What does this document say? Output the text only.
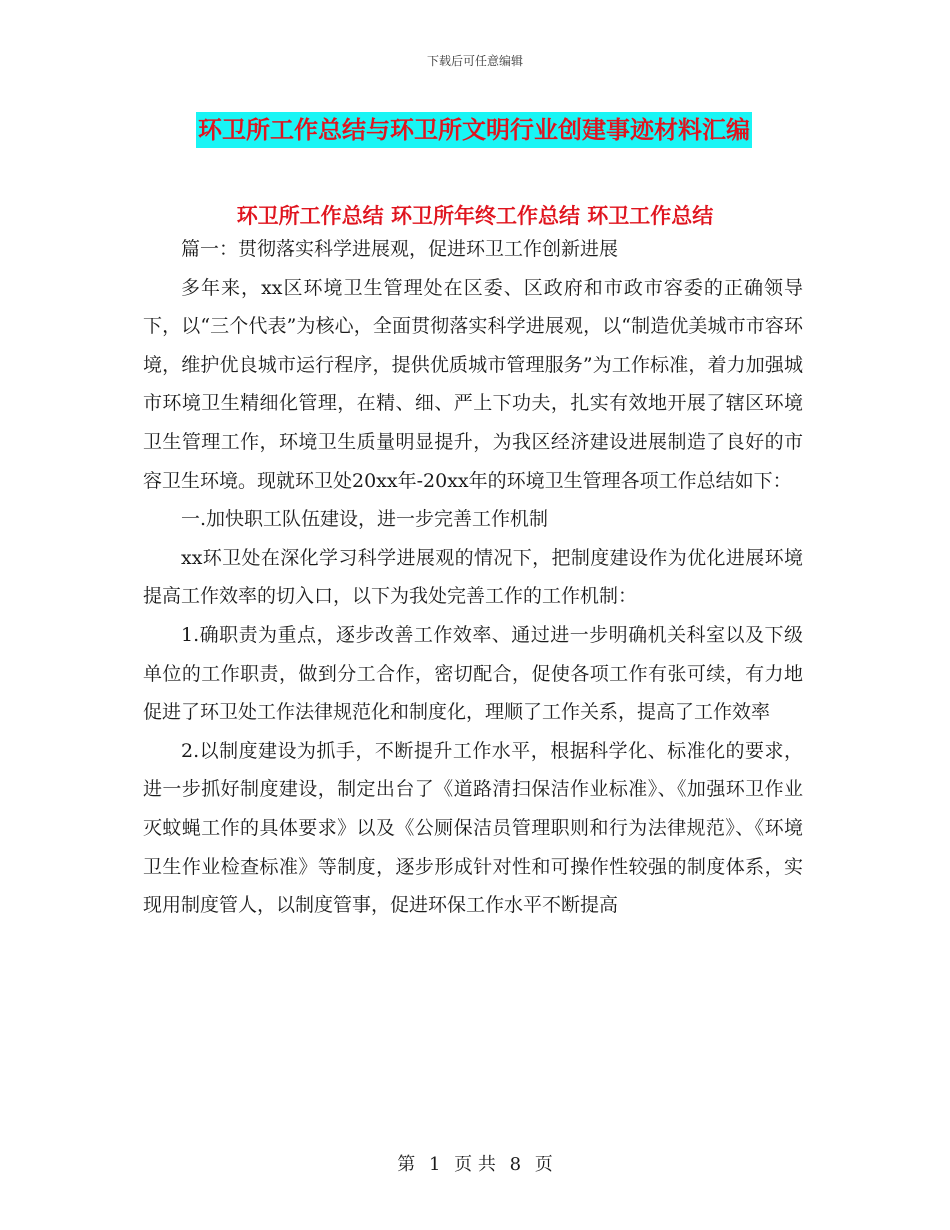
下载后可任意编辑
环卫所工作总结与环卫所文明行业创建事迹材料汇编
环卫所工作总结 环卫所年终工作总结 环卫工作总结

篇一：贯彻落实科学进展观，促进环卫工作创新进展

多年来，xx区环境卫生管理处在区委、区政府和市政市容委的正确领导下，以“三个代表”为核心，全面贯彻落实科学进展观，以“制造优美城市市容环境，维护优良城市运行程序，提供优质城市管理服务”为工作标准，着力加强城市环境卫生精细化管理，在精、细、严上下功夫，扎实有效地开展了辖区环境卫生管理工作，环境卫生质量明显提升，为我区经济建设进展制造了良好的市容卫生环境。现就环卫处20xx年-20xx年的环境卫生管理各项工作总结如下：

一.加快职工队伍建设，进一步完善工作机制

xx环卫处在深化学习科学进展观的情况下，把制度建设作为优化进展环境提高工作效率的切入口，以下为我处完善工作的工作机制：

1.确职责为重点，逐步改善工作效率、通过进一步明确机关科室以及下级单位的工作职责，做到分工合作，密切配合，促使各项工作有张可续，有力地促进了环卫处工作法律规范化和制度化，理顺了工作关系，提高了工作效率

2.以制度建设为抓手，不断提升工作水平，根据科学化、标准化的要求，进一步抓好制度建设，制定出台了《道路清扫保洁作业标准》、《加强环卫作业灭蚊蝇工作的具体要求》以及《公厕保洁员管理职则和行为法律规范》、《环境卫生作业检查标准》等制度，逐步形成针对性和可操作性较强的制度体系，实现用制度管人，以制度管事，促进环保工作水平不断提高

第 1 页 共 8 页
